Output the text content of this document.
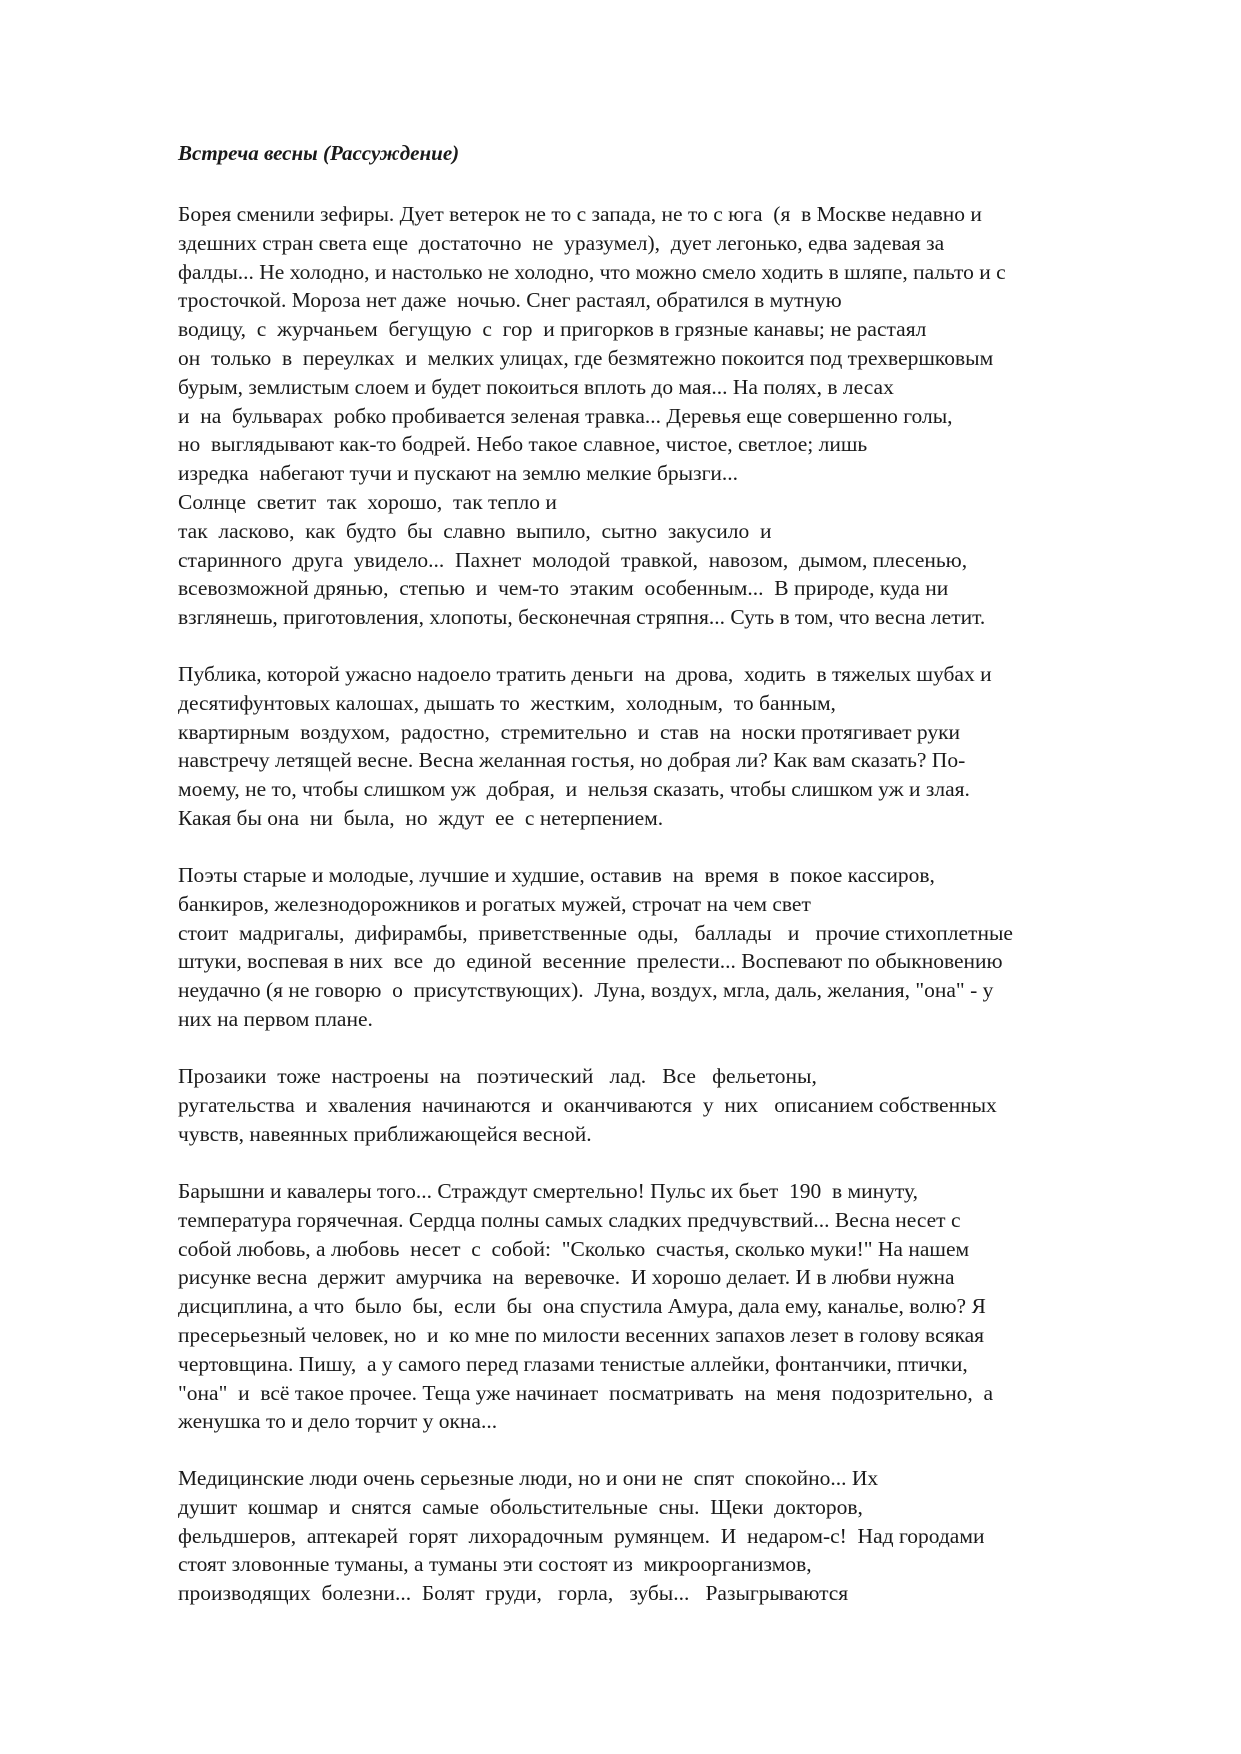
Встреча весны (Рассуждение)
Борея сменили зефиры. Дует ветерок не то с запада, не то с юга  (я  в Москве недавно и
здешних стран света еще  достаточно  не  уразумел),  дует легонько, едва задевая за
фалды... Не холодно, и настолько не холодно, что можно смело ходить в шляпе, пальто и с
тросточкой. Мороза нет даже  ночью. Снег растаял, обратился в мутную
водицу,  с  журчаньем  бегущую  с  гор  и пригорков в грязные канавы; не растаял
он  только  в  переулках  и  мелких улицах, где безмятежно покоится под трехвершковым
бурым, землистым слоем и будет покоиться вплоть до мая... На полях, в лесах
и  на  бульварах  робко пробивается зеленая травка... Деревья еще совершенно голы,
но  выглядывают как-то бодрей. Небо такое славное, чистое, светлое; лишь
изредка  набегают тучи и пускают на землю мелкие брызги...
Солнце  светит  так  хорошо,  так тепло и
так  ласково,  как  будто  бы  славно  выпило,  сытно  закусило  и
старинного  друга  увидело...  Пахнет  молодой  травкой,  навозом,  дымом, плесенью,
всевозможной дрянью,  степью  и  чем-то  этаким  особенным...  В природе, куда ни
взглянешь, приготовления, хлопоты, бесконечная стряпня... Суть в том, что весна летит.
Публика, которой ужасно надоело тратить деньги  на  дрова,  ходить  в тяжелых шубах и
десятифунтовых калошах, дышать то  жестким,  холодным,  то банным,
квартирным  воздухом,  радостно,  стремительно  и  став  на  носки протягивает руки
навстречу летящей весне. Весна желанная гостья, но добрая ли? Как вам сказать? По-
моему, не то, чтобы слишком уж  добрая,  и  нельзя сказать, чтобы слишком уж и злая.
Какая бы она  ни  была,  но  ждут  ее  с нетерпением.
Поэты старые и молодые, лучшие и худшие, оставив  на  время  в  покое кассиров,
банкиров, железнодорожников и рогатых мужей, строчат на чем свет
стоит  мадригалы,  дифирамбы,  приветственные  оды,   баллады   и   прочие стихоплетные
штуки, воспевая в них  все  до  единой  весенние  прелести... Воспевают по обыкновению
неудачно (я не говорю  о  присутствующих).  Луна, воздух, мгла, даль, желания, "она" - у
них на первом плане.
Прозаики  тоже  настроены  на   поэтический   лад.   Все   фельетоны,
ругательства  и  хваления  начинаются  и  оканчиваются  у  них   описанием собственных
чувств, навеянных приближающейся весной.
Барышни и кавалеры того... Страждут смертельно! Пульс их бьет  190  в минуту,
температура горячечная. Сердца полны самых сладких предчувствий... Весна несет с
собой любовь, а любовь  несет  с  собой:  "Сколько  счастья, сколько муки!" На нашем
рисунке весна  держит  амурчика  на  веревочке.  И хорошо делает. И в любви нужна
дисциплина, а что  было  бы,  если  бы  она спустила Амура, дала ему, каналье, волю? Я
пресерьезный человек, но  и  ко мне по милости весенних запахов лезет в голову всякая
чертовщина. Пишу,  а у самого перед глазами тенистые аллейки, фонтанчики, птички,
"она"  и  всё такое прочее. Теща уже начинает  посматривать  на  меня  подозрительно,  а
женушка то и дело торчит у окна...
Медицинские люди очень серьезные люди, но и они не  спят  спокойно... Их
душит  кошмар  и  снятся  самые  обольстительные  сны.  Щеки  докторов,
фельдшеров,  аптекарей  горят  лихорадочным  румянцем.  И  недаром-с!  Над городами
стоят зловонные туманы, а туманы эти состоят из  микроорганизмов,
производящих  болезни...  Болят  груди,   горла,   зубы...   Разыгрываются
